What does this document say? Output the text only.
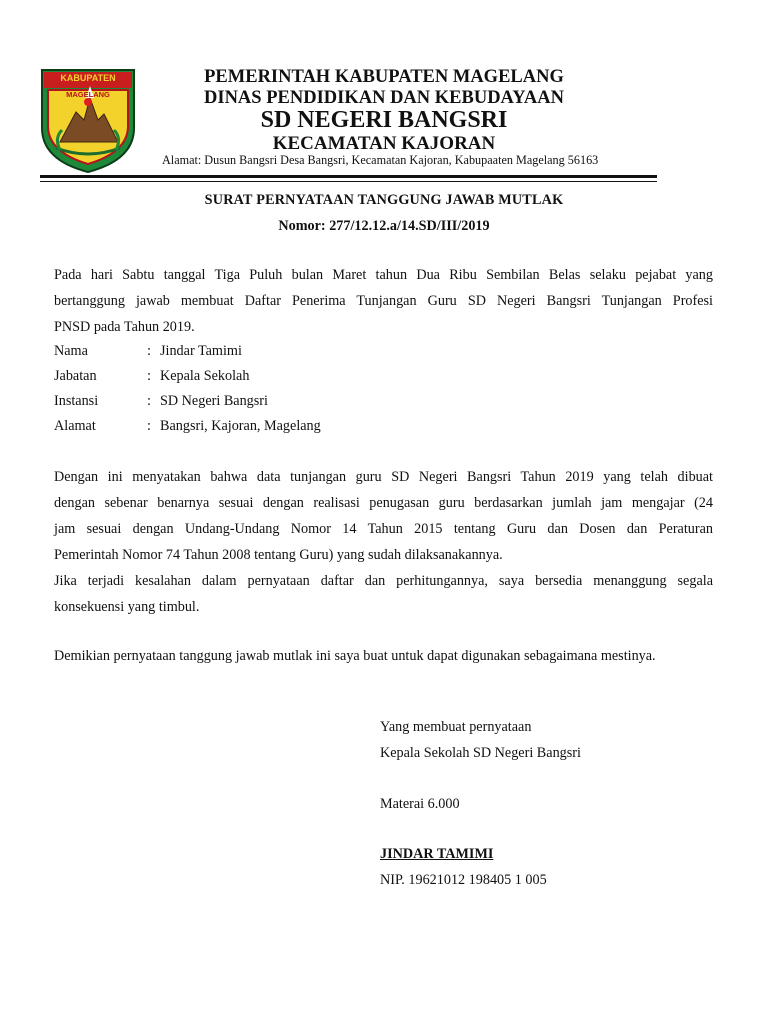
KABUPATEN
MAGELANG
PEMERINTAH KABUPATEN MAGELANG
DINAS PENDIDIKAN DAN KEBUDAYAAN
SD NEGERI BANGSRI
KECAMATAN KAJORAN
Alamat: Dusun Bangsri Desa Bangsri, Kecamatan Kajoran, Kabupaaten Magelang 56163
SURAT PERNYATAAN TANGGUNG JAWAB MUTLAK
Nomor: 277/12.12.a/14.SD/III/2019
Pada hari Sabtu tanggal Tiga Puluh bulan Maret tahun Dua Ribu Sembilan Belas selaku pejabat yang
bertanggung jawab membuat Daftar Penerima Tunjangan Guru SD Negeri Bangsri Tunjangan Profesi
PNSD pada Tahun 2019.
Nama	: Jindar Tamimi
Jabatan	: Kepala Sekolah
Instansi	: SD Negeri Bangsri
Alamat	: Bangsri, Kajoran, Magelang
Dengan ini menyatakan bahwa data tunjangan guru SD Negeri Bangsri Tahun 2019 yang telah dibuat
dengan sebenar benarnya sesuai dengan realisasi penugasan guru berdasarkan jumlah jam mengajar (24
jam sesuai dengan Undang-Undang Nomor 14 Tahun 2015 tentang Guru dan Dosen dan Peraturan
Pemerintah Nomor 74 Tahun 2008 tentang Guru) yang sudah dilaksanakannya.
Jika terjadi kesalahan dalam pernyataan daftar dan perhitungannya, saya bersedia menanggung segala
konsekuensi yang timbul.
Demikian pernyataan tanggung jawab mutlak ini saya buat untuk dapat digunakan sebagaimana mestinya.
Yang membuat pernyataan
Kepala Sekolah SD Negeri Bangsri
Materai 6.000
JINDAR TAMIMI
NIP. 19621012 198405 1 005
